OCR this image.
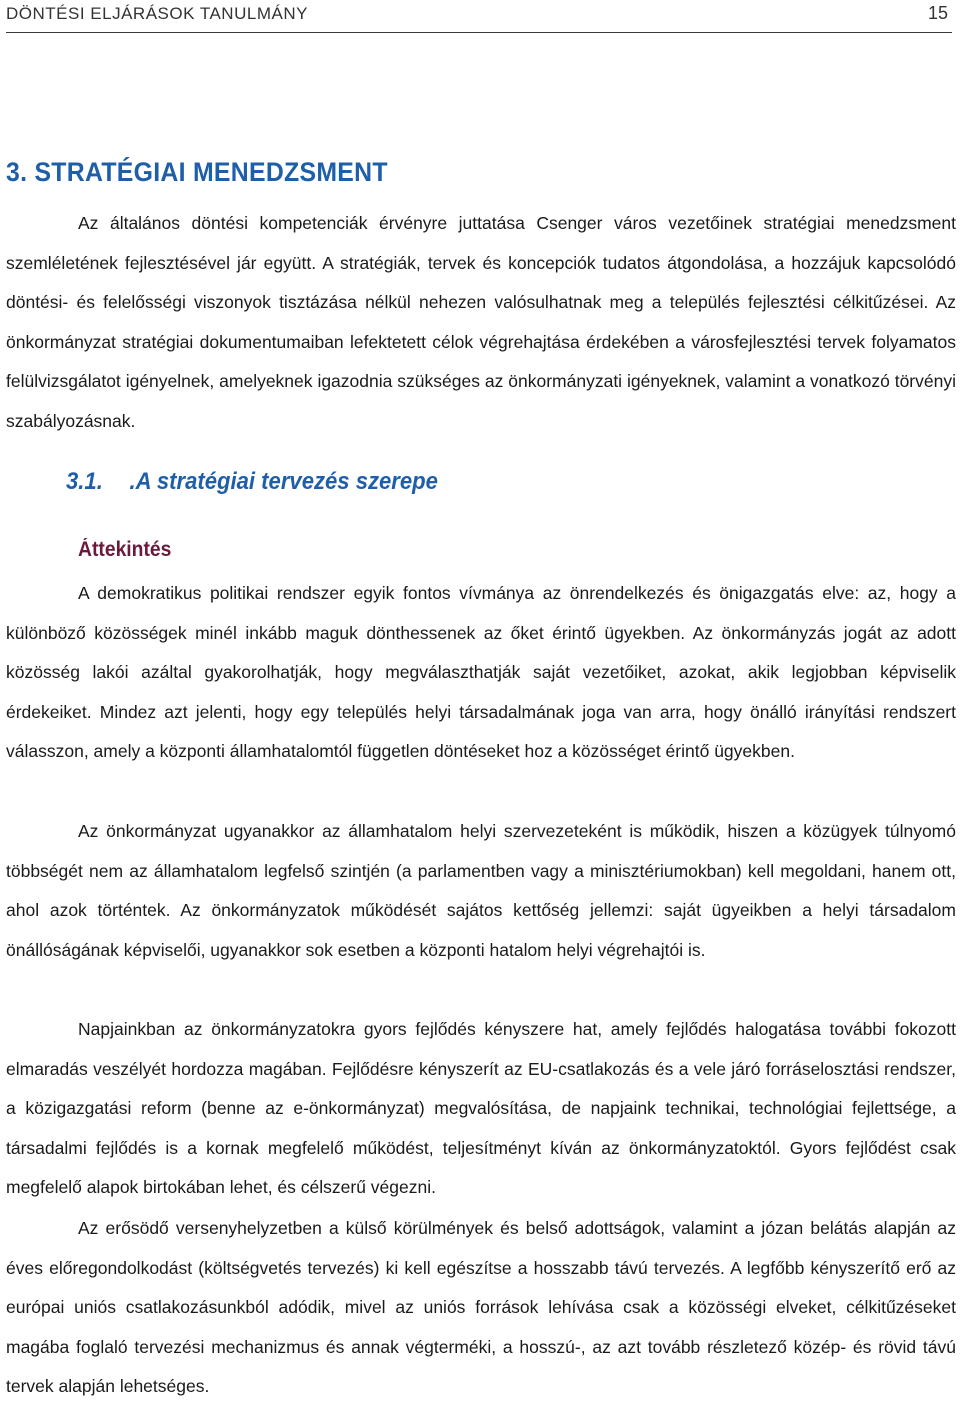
DÖNTÉSI ELJÁRÁSOK TANULMÁNY	15
3. STRATÉGIAI MENEDZSMENT

Az általános döntési kompetenciák érvényre juttatása Csenger város vezetőinek stratégiai menedzsment szemléletének fejlesztésével jár együtt. A stratégiák, tervek és koncepciók tudatos átgondolása, a hozzájuk kapcsolódó döntési- és felelősségi viszonyok tisztázása nélkül nehezen valósulhatnak meg a település fejlesztési célkitűzései. Az önkormányzat stratégiai dokumentumaiban lefektetett célok végrehajtása érdekében a városfejlesztési tervek folyamatos felülvizsgálatot igényelnek, amelyeknek igazodnia szükséges az önkormányzati igényeknek, valamint a vonatkozó törvényi szabályozásnak.

3.1. .A stratégiai tervezés szerepe
Áttekintés

A demokratikus politikai rendszer egyik fontos vívmánya az önrendelkezés és önigazgatás elve: az, hogy a különböző közösségek minél inkább maguk dönthessenek az őket érintő ügyekben. Az önkormányzás jogát az adott közösség lakói azáltal gyakorolhatják, hogy megválaszthatják saját vezetőiket, azokat, akik legjobban képviselik érdekeiket. Mindez azt jelenti, hogy egy település helyi társadalmának joga van arra, hogy önálló irányítási rendszert válasszon, amely a központi államhatalomtól független döntéseket hoz a közösséget érintő ügyekben.

Az önkormányzat ugyanakkor az államhatalom helyi szervezeteként is működik, hiszen a közügyek túlnyomó többségét nem az államhatalom legfelső szintjén (a parlamentben vagy a minisztériumokban) kell megoldani, hanem ott, ahol azok történtek. Az önkormányzatok működését sajátos kettőség jellemzi: saját ügyeikben a helyi társadalom önállóságának képviselői, ugyanakkor sok esetben a központi hatalom helyi végrehajtói is.

Napjainkban az önkormányzatokra gyors fejlődés kényszere hat, amely fejlődés halogatása további fokozott elmaradás veszélyét hordozza magában. Fejlődésre kényszerít az EU-csatlakozás és a vele járó forráselosztási rendszer, a közigazgatási reform (benne az e-önkormányzat) megvalósítása, de napjaink technikai, technológiai fejlettsége, a társadalmi fejlődés is a kornak megfelelő működést, teljesítményt kíván az önkormányzatoktól. Gyors fejlődést csak megfelelő alapok birtokában lehet, és célszerű végezni.

Az erősödő versenyhelyzetben a külső körülmények és belső adottságok, valamint a józan belátás alapján az éves előregondolkodást (költségvetés tervezés) ki kell egészítse a hosszabb távú tervezés. A legfőbb kényszerítő erő az európai uniós csatlakozásunkból adódik, mivel az uniós források lehívása csak a közösségi elveket, célkitűzéseket magába foglaló tervezési mechanizmus és annak végterméki, a hosszú-, az azt tovább részletező közép- és rövid távú tervek alapján lehetséges.
